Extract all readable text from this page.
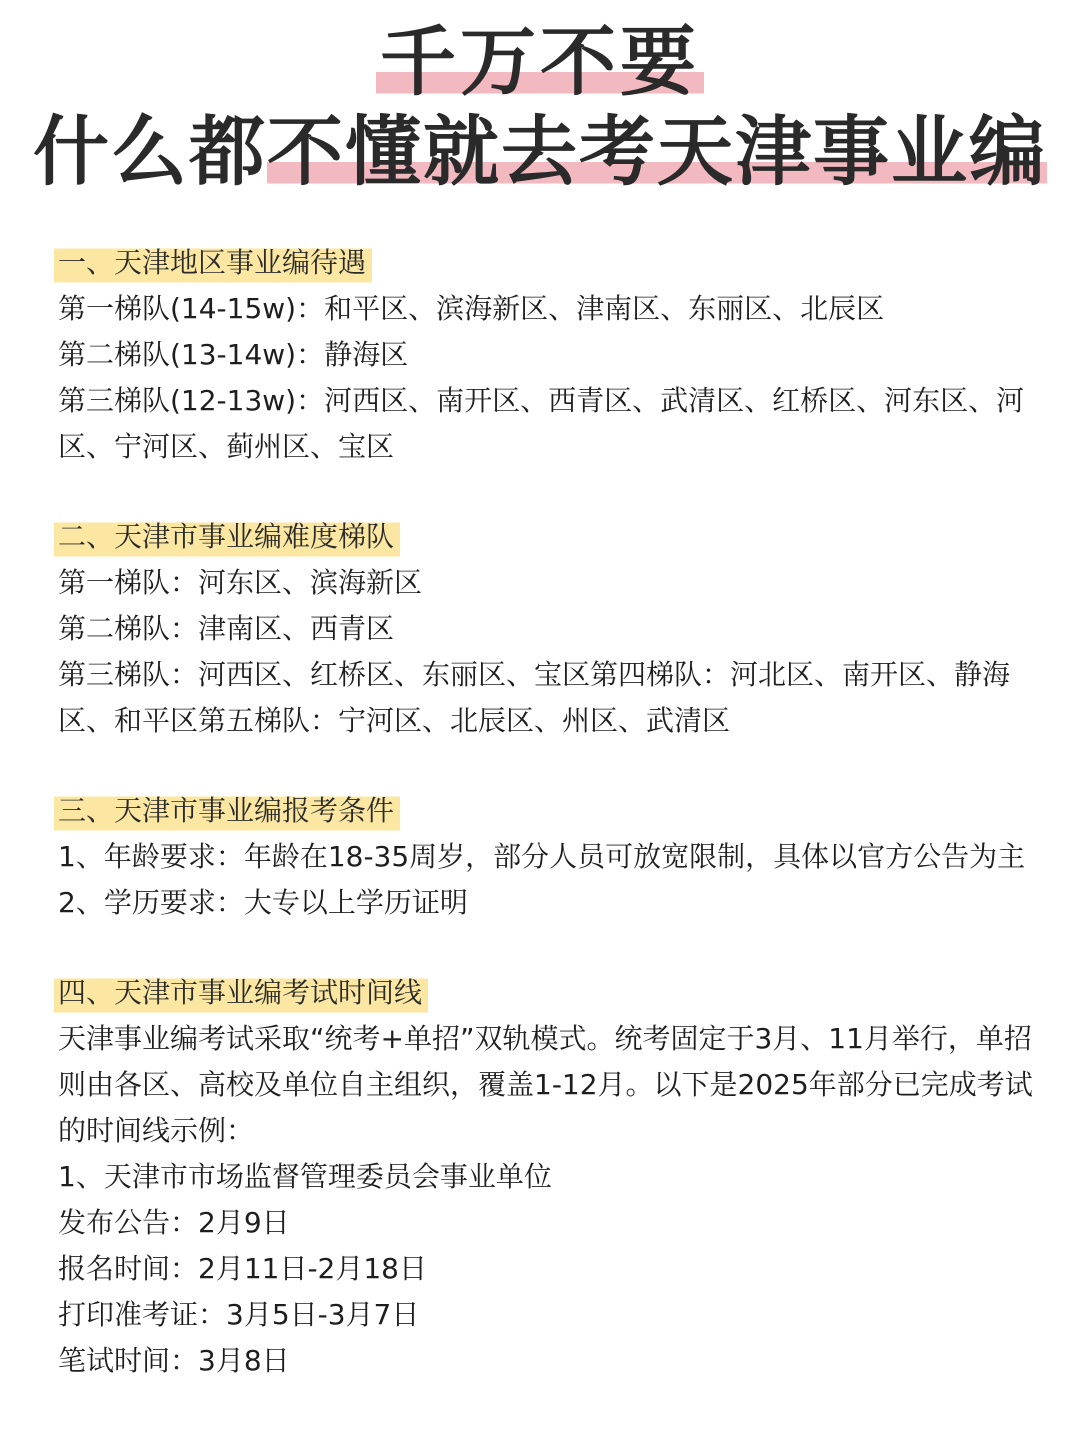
千万不要
什么都不懂就去考天津事业编
一、天津地区事业编待遇

第一梯队(14-15w)：和平区、滨海新区、津南区、东丽区、北辰区

第二梯队(13-14w)：静海区

第三梯队(12-13w)：河西区、南开区、西青区、武清区、红桥区、河东区、河区、宁河区、蓟州区、宝区

二、天津市事业编难度梯队

第一梯队：河东区、滨海新区

第二梯队：津南区、西青区

第三梯队：河西区、红桥区、东丽区、宝区第四梯队：河北区、南开区、静海区、和平区第五梯队：宁河区、北辰区、州区、武清区

三、天津市事业编报考条件

1、年龄要求：年龄在18-35周岁，部分人员可放宽限制，具体以官方公告为主

2、学历要求：大专以上学历证明

四、天津市事业编考试时间线

天津事业编考试采取“统考+单招”双轨模式。统考固定于3月、11月举行，单招则由各区、高校及单位自主组织，覆盖1-12月。以下是2025年部分已完成考试的时间线示例：

1、天津市市场监督管理委员会事业单位

发布公告：2月9日

报名时间：2月11日-2月18日

打印准考证：3月5日-3月7日

笔试时间：3月8日
